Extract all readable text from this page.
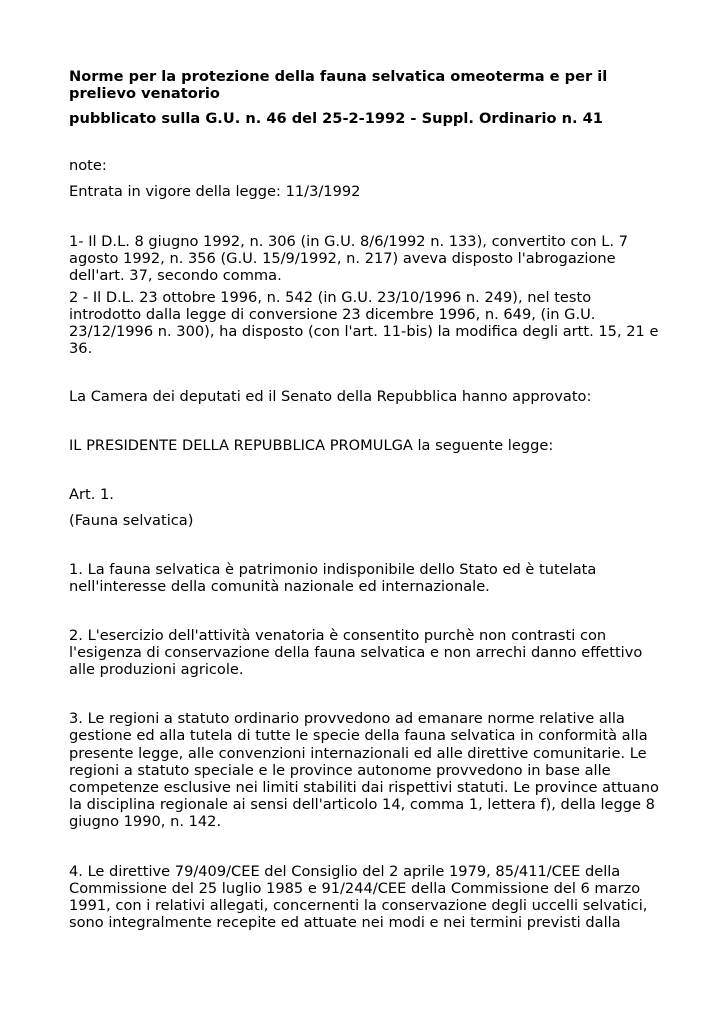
Norme per la protezione della fauna selvatica omeoterma e per il prelievo venatorio

pubblicato sulla G.U. n. 46 del 25-2-1992 - Suppl. Ordinario n. 41

note:

Entrata in vigore della legge: 11/3/1992

1- Il D.L. 8 giugno 1992, n. 306 (in G.U. 8/6/1992 n. 133), convertito con L. 7 agosto 1992, n. 356 (G.U. 15/9/1992, n. 217) aveva disposto l'abrogazione dell'art. 37, secondo comma.

2 - Il D.L. 23 ottobre 1996, n. 542 (in G.U. 23/10/1996 n. 249), nel testo introdotto dalla legge di conversione 23 dicembre 1996, n. 649, (in G.U. 23/12/1996 n. 300), ha disposto (con l'art. 11-bis) la modifica degli artt. 15, 21 e 36.

La Camera dei deputati ed il Senato della Repubblica hanno approvato:

IL PRESIDENTE DELLA REPUBBLICA PROMULGA la seguente legge:

Art. 1.

(Fauna selvatica)

1. La fauna selvatica è patrimonio indisponibile dello Stato ed è tutelata nell'interesse della comunità nazionale ed internazionale.

2. L'esercizio dell'attività venatoria è consentito purchè non contrasti con l'esigenza di conservazione della fauna selvatica e non arrechi danno effettivo alle produzioni agricole.

3. Le regioni a statuto ordinario provvedono ad emanare norme relative alla gestione ed alla tutela di tutte le specie della fauna selvatica in conformità alla presente legge, alle convenzioni internazionali ed alle direttive comunitarie. Le regioni a statuto speciale e le province autonome provvedono in base alle competenze esclusive nei limiti stabiliti dai rispettivi statuti. Le province attuano la disciplina regionale ai sensi dell'articolo 14, comma 1, lettera f), della legge 8 giugno 1990, n. 142.

4. Le direttive 79/409/CEE del Consiglio del 2 aprile 1979, 85/411/CEE della Commissione del 25 luglio 1985 e 91/244/CEE della Commissione del 6 marzo 1991, con i relativi allegati, concernenti la conservazione degli uccelli selvatici, sono integralmente recepite ed attuate nei modi e nei termini previsti dalla
